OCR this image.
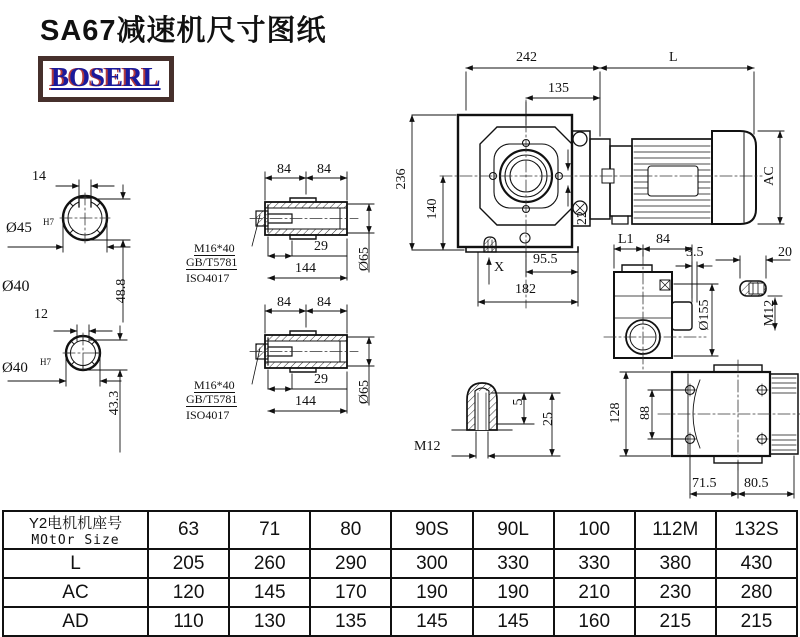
SA67减速机尺寸图纸
BOSERL
14
Ø45 H7
48.8
Ø40
12
Ø40 H7
43.3
M16*40
GB/T5781
ISO4017
M16*40
GB/T5781
ISO4017
84 84
29
144	Ø65
84 84
29
144	Ø65
242	L
135
236
140	22
95.5
X
182
AC
L1 84
3.5	20
Ø155	M12
128 88
71.5 80.5
5
25
M12
Y2电机机座号
MOtOr Size	63	71	80	90S	90L	100	112M	132S
L	205	260	290	300	330	330	380	430
AC	120	145	170	190	190	210	230	280
AD	110	130	135	145	145	160	215	215
